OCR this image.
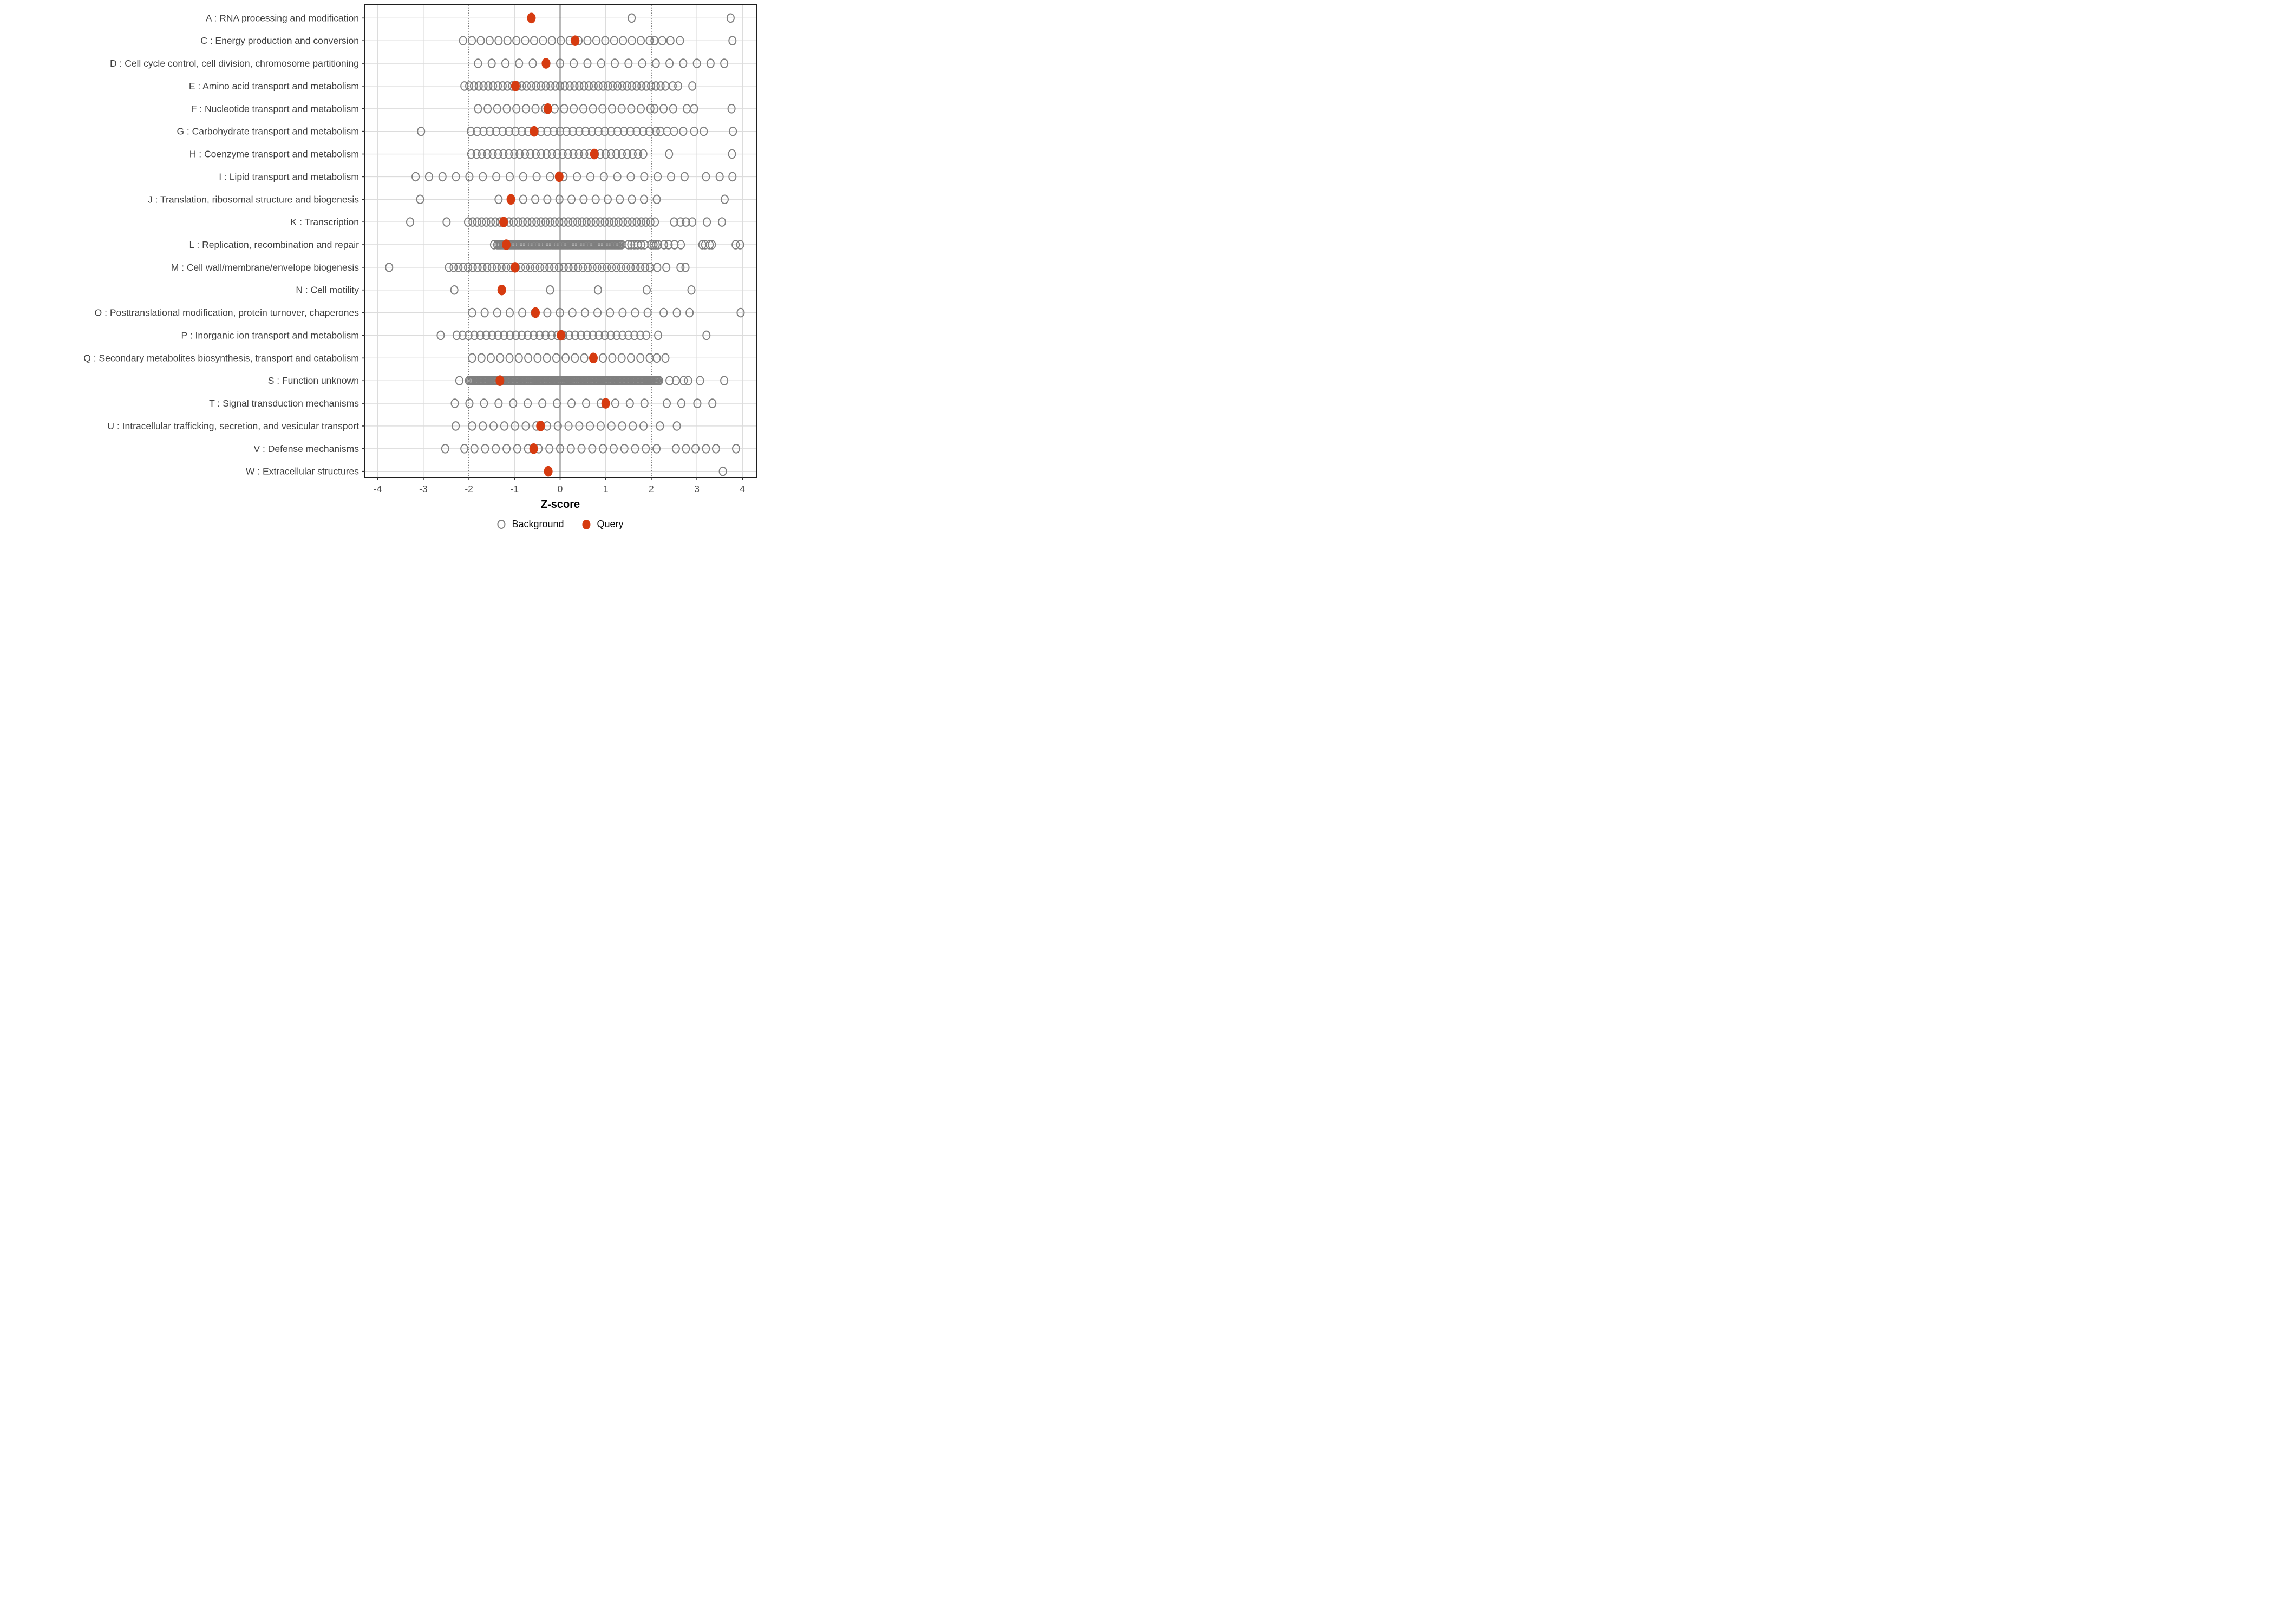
-4	-3	-2	-1	0	1	2	3	4
A : RNA processing and modification
C : Energy production and conversion
D : Cell cycle control, cell division, chromosome partitioning
E : Amino acid transport and metabolism
F : Nucleotide transport and metabolism
G : Carbohydrate transport and metabolism
H : Coenzyme transport and metabolism
I : Lipid transport and metabolism
J : Translation, ribosomal structure and biogenesis
K : Transcription
L : Replication, recombination and repair
M : Cell wall/membrane/envelope biogenesis
N : Cell motility
O : Posttranslational modification, protein turnover, chaperones
P : Inorganic ion transport and metabolism
Q : Secondary metabolites biosynthesis, transport and catabolism
S : Function unknown
T : Signal transduction mechanisms
U : Intracellular trafficking, secretion, and vesicular transport
V : Defense mechanisms
W : Extracellular structures
Z-score
Background	Query
